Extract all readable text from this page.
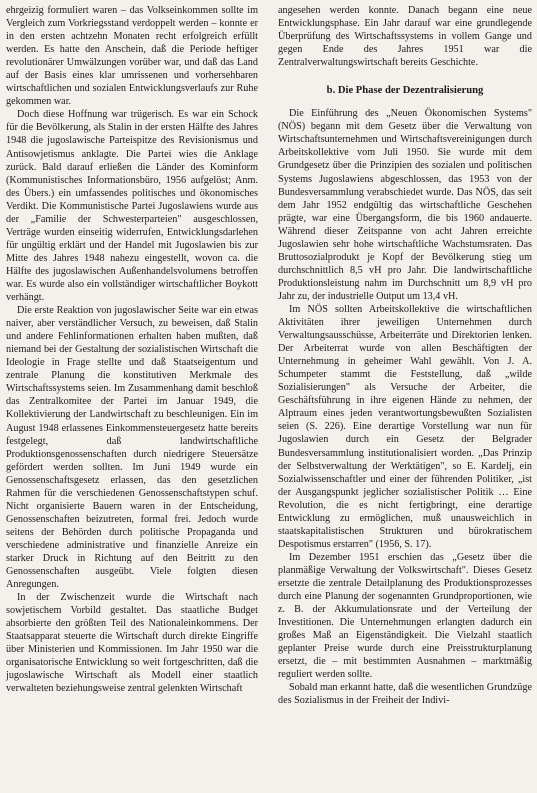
ehrgeizig formuliert waren – das Volkseinkommen sollte im Vergleich zum Vorkriegsstand verdoppelt werden – konnte er in den ersten achtzehn Monaten recht erfolgreich erfüllt werden. Es hatte den Anschein, daß die Periode heftiger revolutionärer Umwälzungen vorüber war, und daß das Land auf der Basis eines klar umrissenen und vorhersehbaren wirtschaftlichen und sozialen Entwicklungsverlaufs zur Ruhe gekommen war.

Doch diese Hoffnung war trügerisch. Es war ein Schock für die Bevölkerung, als Stalin in der ersten Hälfte des Jahres 1948 die jugoslawische Parteispitze des Revisionismus und Antisowjetismus anklagte. Die Partei wies die Anklage zurück. Bald darauf erließen die Länder des Kominform (Kommunistisches Informationsbüro, 1956 aufgelöst; Anm. des Übers.) ein umfassendes politisches und ökonomisches Verdikt. Die Kommunistische Partei Jugoslawiens wurde aus der „Familie der Schwesterparteien" ausgeschlossen, Verträge wurden einseitig widerrufen, Entwicklungsdarlehen für ungültig erklärt und der Handel mit Jugoslawien bis zur Mitte des Jahres 1948 nahezu eingestellt, wovon ca. die Hälfte des jugoslawischen Außenhandelsvolumens betroffen war. Es wurde also ein vollständiger wirtschaftlicher Boykott verhängt.

Die erste Reaktion von jugoslawischer Seite war ein etwas naiver, aber verständlicher Versuch, zu beweisen, daß Stalin und andere Fehlinformationen erhalten haben mußten, daß niemand bei der Gestaltung der sozialistischen Wirtschaft die Ideologie in Frage stellte und daß Staatseigentum und zentrale Planung die konstitutiven Merkmale des Wirtschaftssystems seien. Im Zusammenhang damit beschloß das Zentralkomitee der Partei im Januar 1949, die Kollektivierung der Landwirtschaft zu beschleunigen. Ein im August 1948 erlassenes Einkommensteuergesetz hatte bereits festgelegt, daß landwirtschaftliche Produktionsgenossenschaften durch niedrigere Steuersätze gefördert werden sollten. Im Juni 1949 wurde ein Genossenschaftsgesetz erlassen, das den gesetzlichen Rahmen für die verschiedenen Genossenschaftstypen schuf. Nicht organisierte Bauern waren in der Entscheidung, Genossenschaften beizutreten, formal frei. Jedoch wurde seitens der Behörden durch politische Propaganda und verschiedene administrative und finanzielle Anreize ein starker Druck in Richtung auf den Beitritt zu den Genossenschaften ausgeübt. Viele folgten diesen Anregungen.

In der Zwischenzeit wurde die Wirtschaft nach sowjetischem Vorbild gestaltet. Das staatliche Budget absorbierte den größten Teil des Nationaleinkommens. Der Staatsapparat steuerte die Wirtschaft durch direkte Eingriffe über Ministerien und Kommissionen. Im Jahr 1950 war die organisatorische Entwicklung so weit fortgeschritten, daß die jugoslawische Wirtschaft als Modell einer staatlich verwalteten beziehungsweise zentral gelenkten Wirtschaft

angesehen werden konnte. Danach begann eine neue Entwicklungsphase. Ein Jahr darauf war eine grundlegende Überprüfung des Wirtschaftssystems in vollem Gange und gegen Ende des Jahres 1951 war die Zentralverwaltungswirtschaft bereits Geschichte.

b. Die Phase der Dezentralisierung

Die Einführung des „Neuen Ökonomischen Systems" (NÖS) begann mit dem Gesetz über die Verwaltung von Wirtschaftsunternehmen und Wirtschaftsvereinigungen durch Arbeitskollektive vom Juli 1950. Sie wurde mit dem Grundgesetz über die Prinzipien des sozialen und politischen Systems Jugoslawiens abgeschlossen, das 1953 von der Bundesversammlung verabschiedet wurde. Das NÖS, das seit dem Jahr 1952 endgültig das wirtschaftliche Geschehen prägte, war eine Übergangsform, die bis 1960 andauerte. Während dieser Zeitspanne von acht Jahren erreichte Jugoslawien sehr hohe wirtschaftliche Wachstumsraten. Das Bruttosozialprodukt je Kopf der Bevölkerung stieg um durchschnittlich 8,5 vH pro Jahr. Die landwirtschaftliche Produktionsleistung nahm im Durchschnitt um 8,9 vH pro Jahr zu, der industrielle Output um 13,4 vH.

Im NÖS sollten Arbeitskollektive die wirtschaftlichen Aktivitäten ihrer jeweiligen Unternehmen durch Verwaltungsausschüsse, Arbeiterräte und Direktorien lenken. Der Arbeiterrat wurde von allen Beschäftigten der Unternehmung in geheimer Wahl gewählt. Von J. A. Schumpeter stammt die Feststellung, daß „wilde Sozialisierungen" als Versuche der Arbeiter, die Geschäftsführung in ihre eigenen Hände zu nehmen, der Alptraum eines jeden verantwortungsbewußten Sozialisten seien (S. 226). Eine derartige Vorstellung war nun für Jugoslawien durch ein Gesetz der Belgrader Bundesversammlung institutionalisiert worden. „Das Prinzip der Selbstverwaltung der Werktätigen", so E. Kardelj, ein Sozialwissenschaftler und einer der führenden Politiker, „ist der Ausgangspunkt jeglicher sozialistischer Politik … Eine Revolution, die es nicht fertigbringt, eine derartige Entwicklung zu ermöglichen, muß unausweichlich in staatskapitalistischen Strukturen und bürokratischem Despotismus erstarren" (1956, S. 17).

Im Dezember 1951 erschien das „Gesetz über die planmäßige Verwaltung der Volkswirtschaft". Dieses Gesetz ersetzte die zentrale Detailplanung des Produktionsprozesses durch eine Planung der sogenannten Grundproportionen, wie z. B. der Akkumulationsrate und der Verteilung der Investitionen. Die Unternehmungen erlangten dadurch ein großes Maß an Eigenständigkeit. Die Vielzahl staatlich geplanter Preise wurde durch eine Preisstrukturplanung ersetzt, die – mit bestimmten Ausnahmen – marktmäßig reguliert werden sollte.

Sobald man erkannt hatte, daß die wesentlichen Grundzüge des Sozialismus in der Freiheit der Indivi-
